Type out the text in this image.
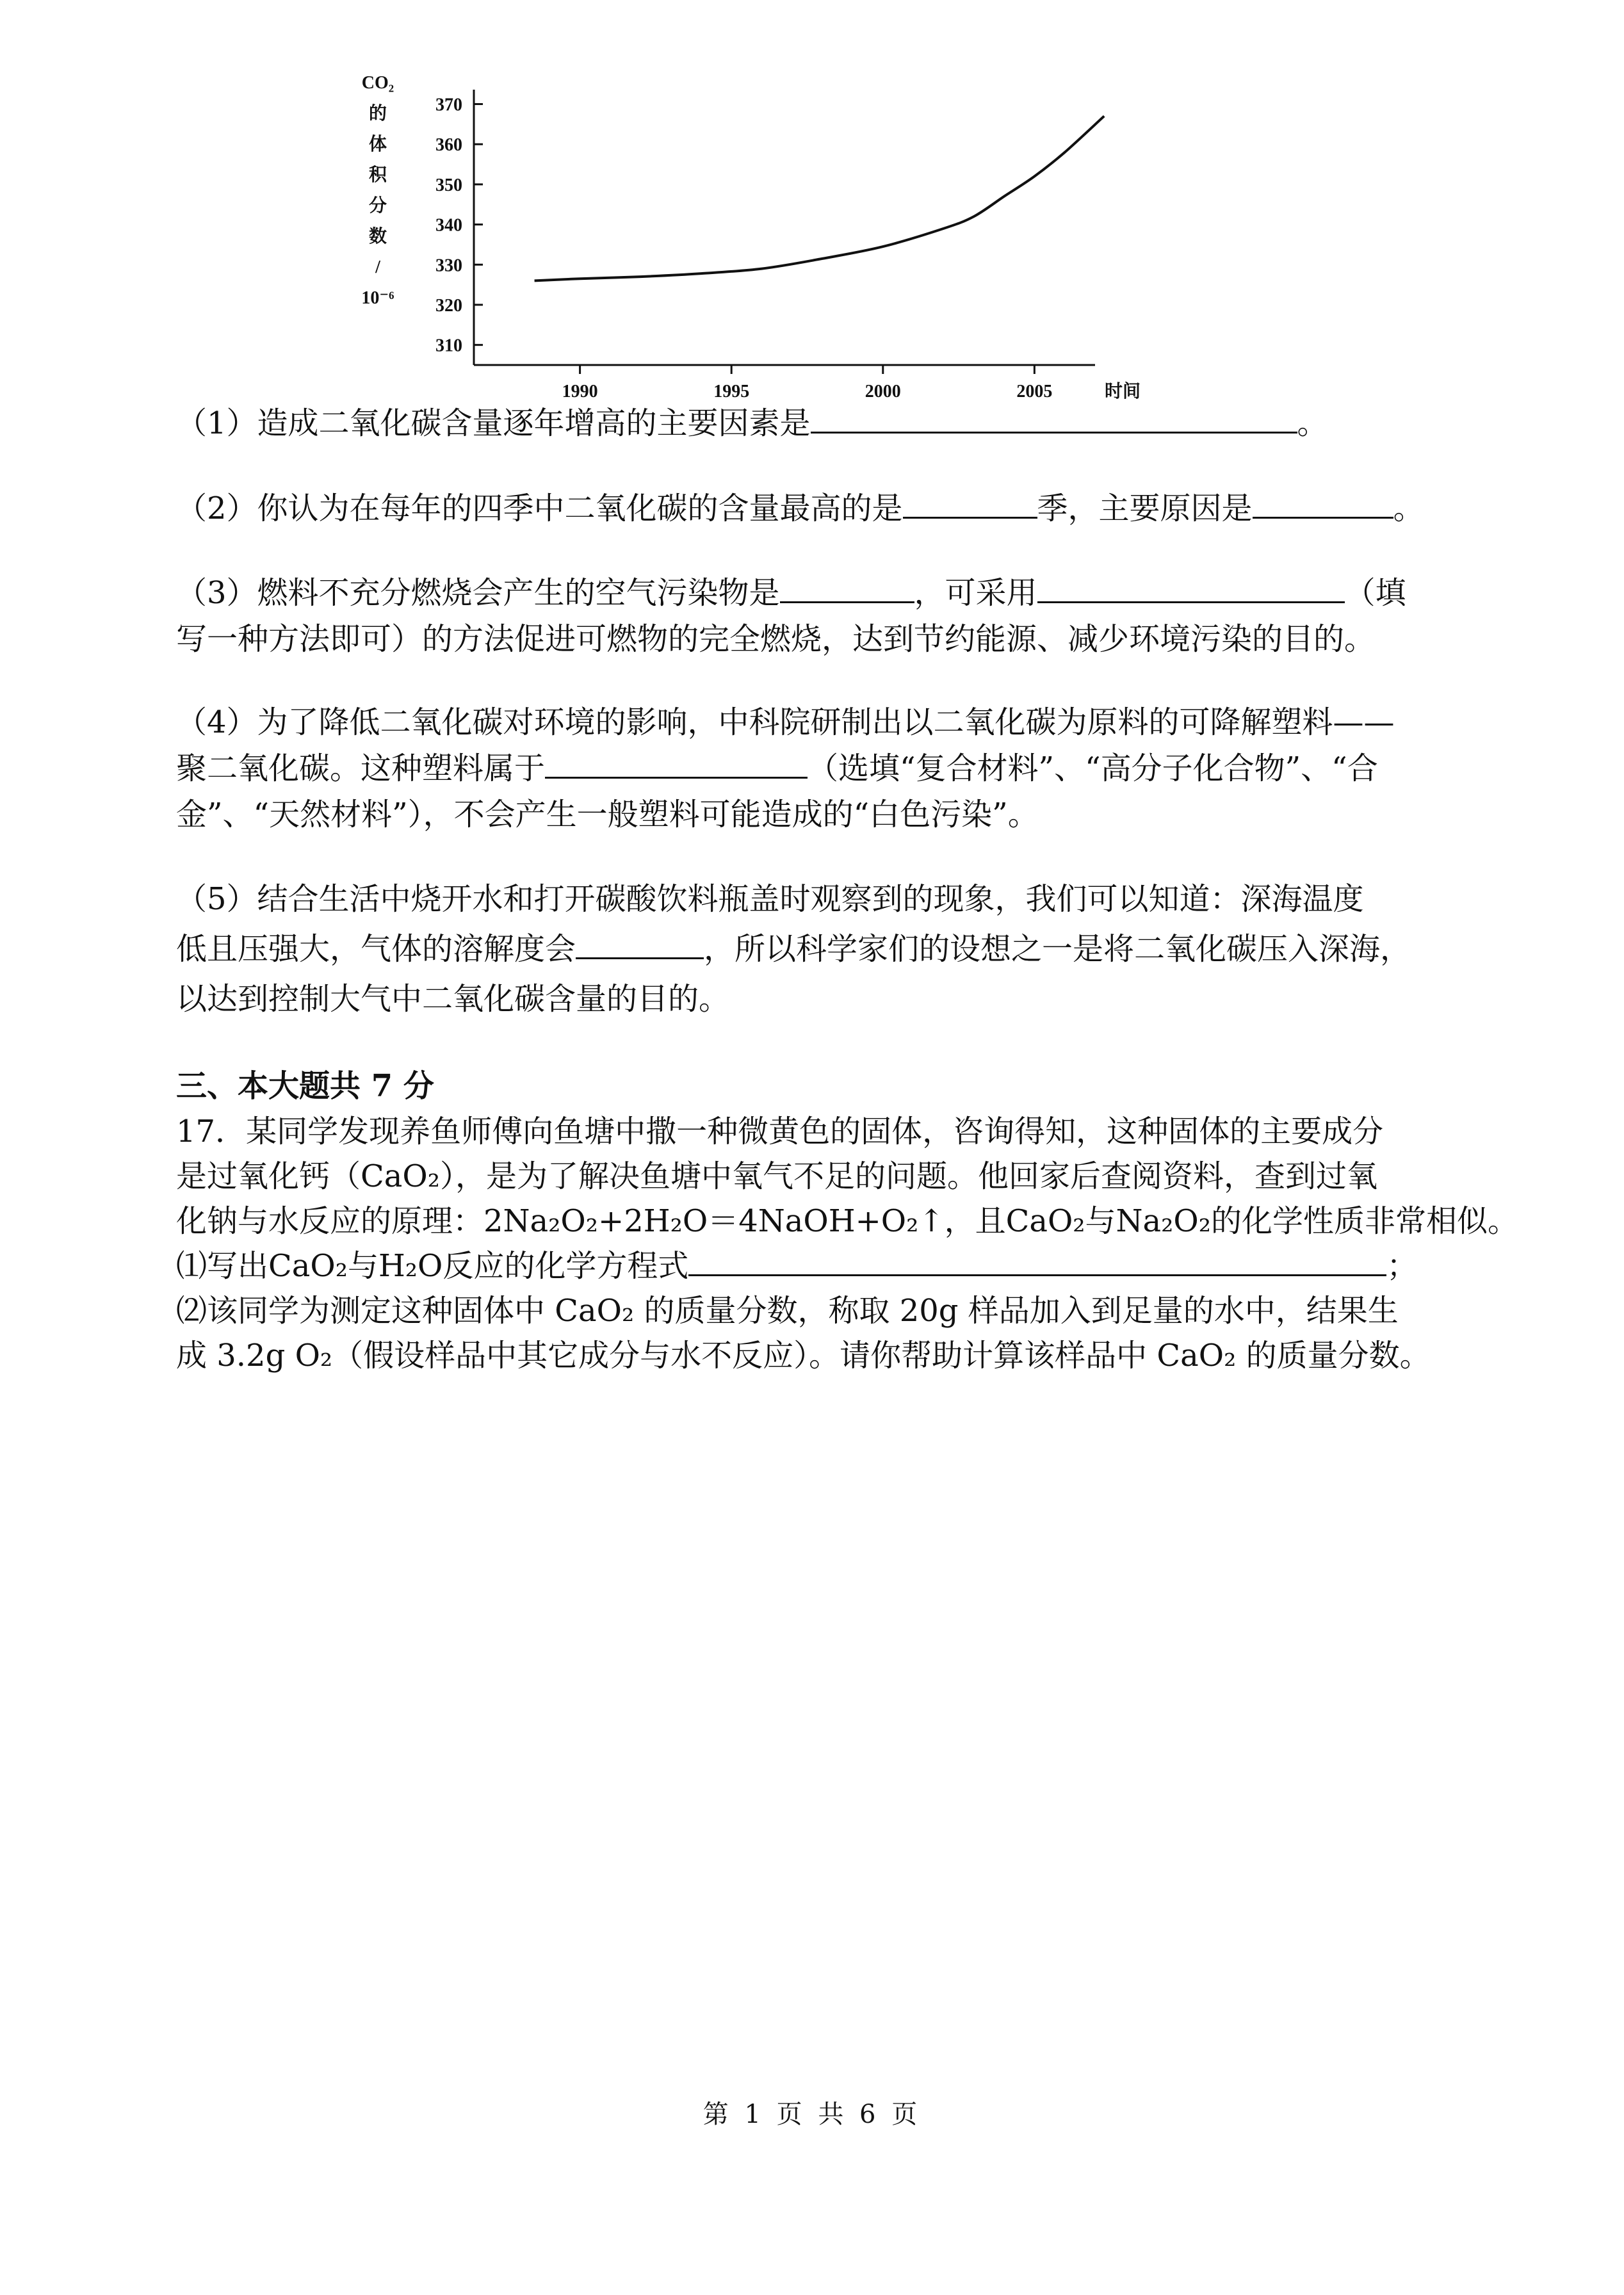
CO₂
的
体
积
分
数
/
10⁻⁶
310
320
330
340
350
360
370
1990	1995	2000	2005	时间
（1）造成二氧化碳含量逐年增高的主要因素是	。
（2）你认为在每年的四季中二氧化碳的含量最高的是	季，主要原因是	。
（3）燃料不充分燃烧会产生的空气污染物是	，可采用	（填
写一种方法即可）的方法促进可燃物的完全燃烧，达到节约能源、减少环境污染的目的。
（4）为了降低二氧化碳对环境的影响，中科院研制出以二氧化碳为原料的可降解塑料——
聚二氧化碳。这种塑料属于	（选填“复合材料”、“高分子化合物”、“合
金”、“天然材料”），不会产生一般塑料可能造成的“白色污染”。
（5）结合生活中烧开水和打开碳酸饮料瓶盖时观察到的现象，我们可以知道：深海温度
低且压强大，气体的溶解度会	，所以科学家们的设想之一是将二氧化碳压入深海，
以达到控制大气中二氧化碳含量的目的。
三、本大题共 7 分
17．某同学发现养鱼师傅向鱼塘中撒一种微黄色的固体，咨询得知，这种固体的主要成分
是过氧化钙（CaO₂），是为了解决鱼塘中氧气不足的问题。他回家后查阅资料，查到过氧
化钠与水反应的原理：2Na₂O₂+2H₂O＝4NaOH+O₂↑，且CaO₂与Na₂O₂的化学性质非常相似。
⑴写出CaO₂与H₂O反应的化学方程式	；
⑵该同学为测定这种固体中 CaO₂ 的质量分数，称取 20g 样品加入到足量的水中，结果生
成 3.2g O₂（假设样品中其它成分与水不反应）。请你帮助计算该样品中 CaO₂ 的质量分数。
第 1 页 共 6 页
